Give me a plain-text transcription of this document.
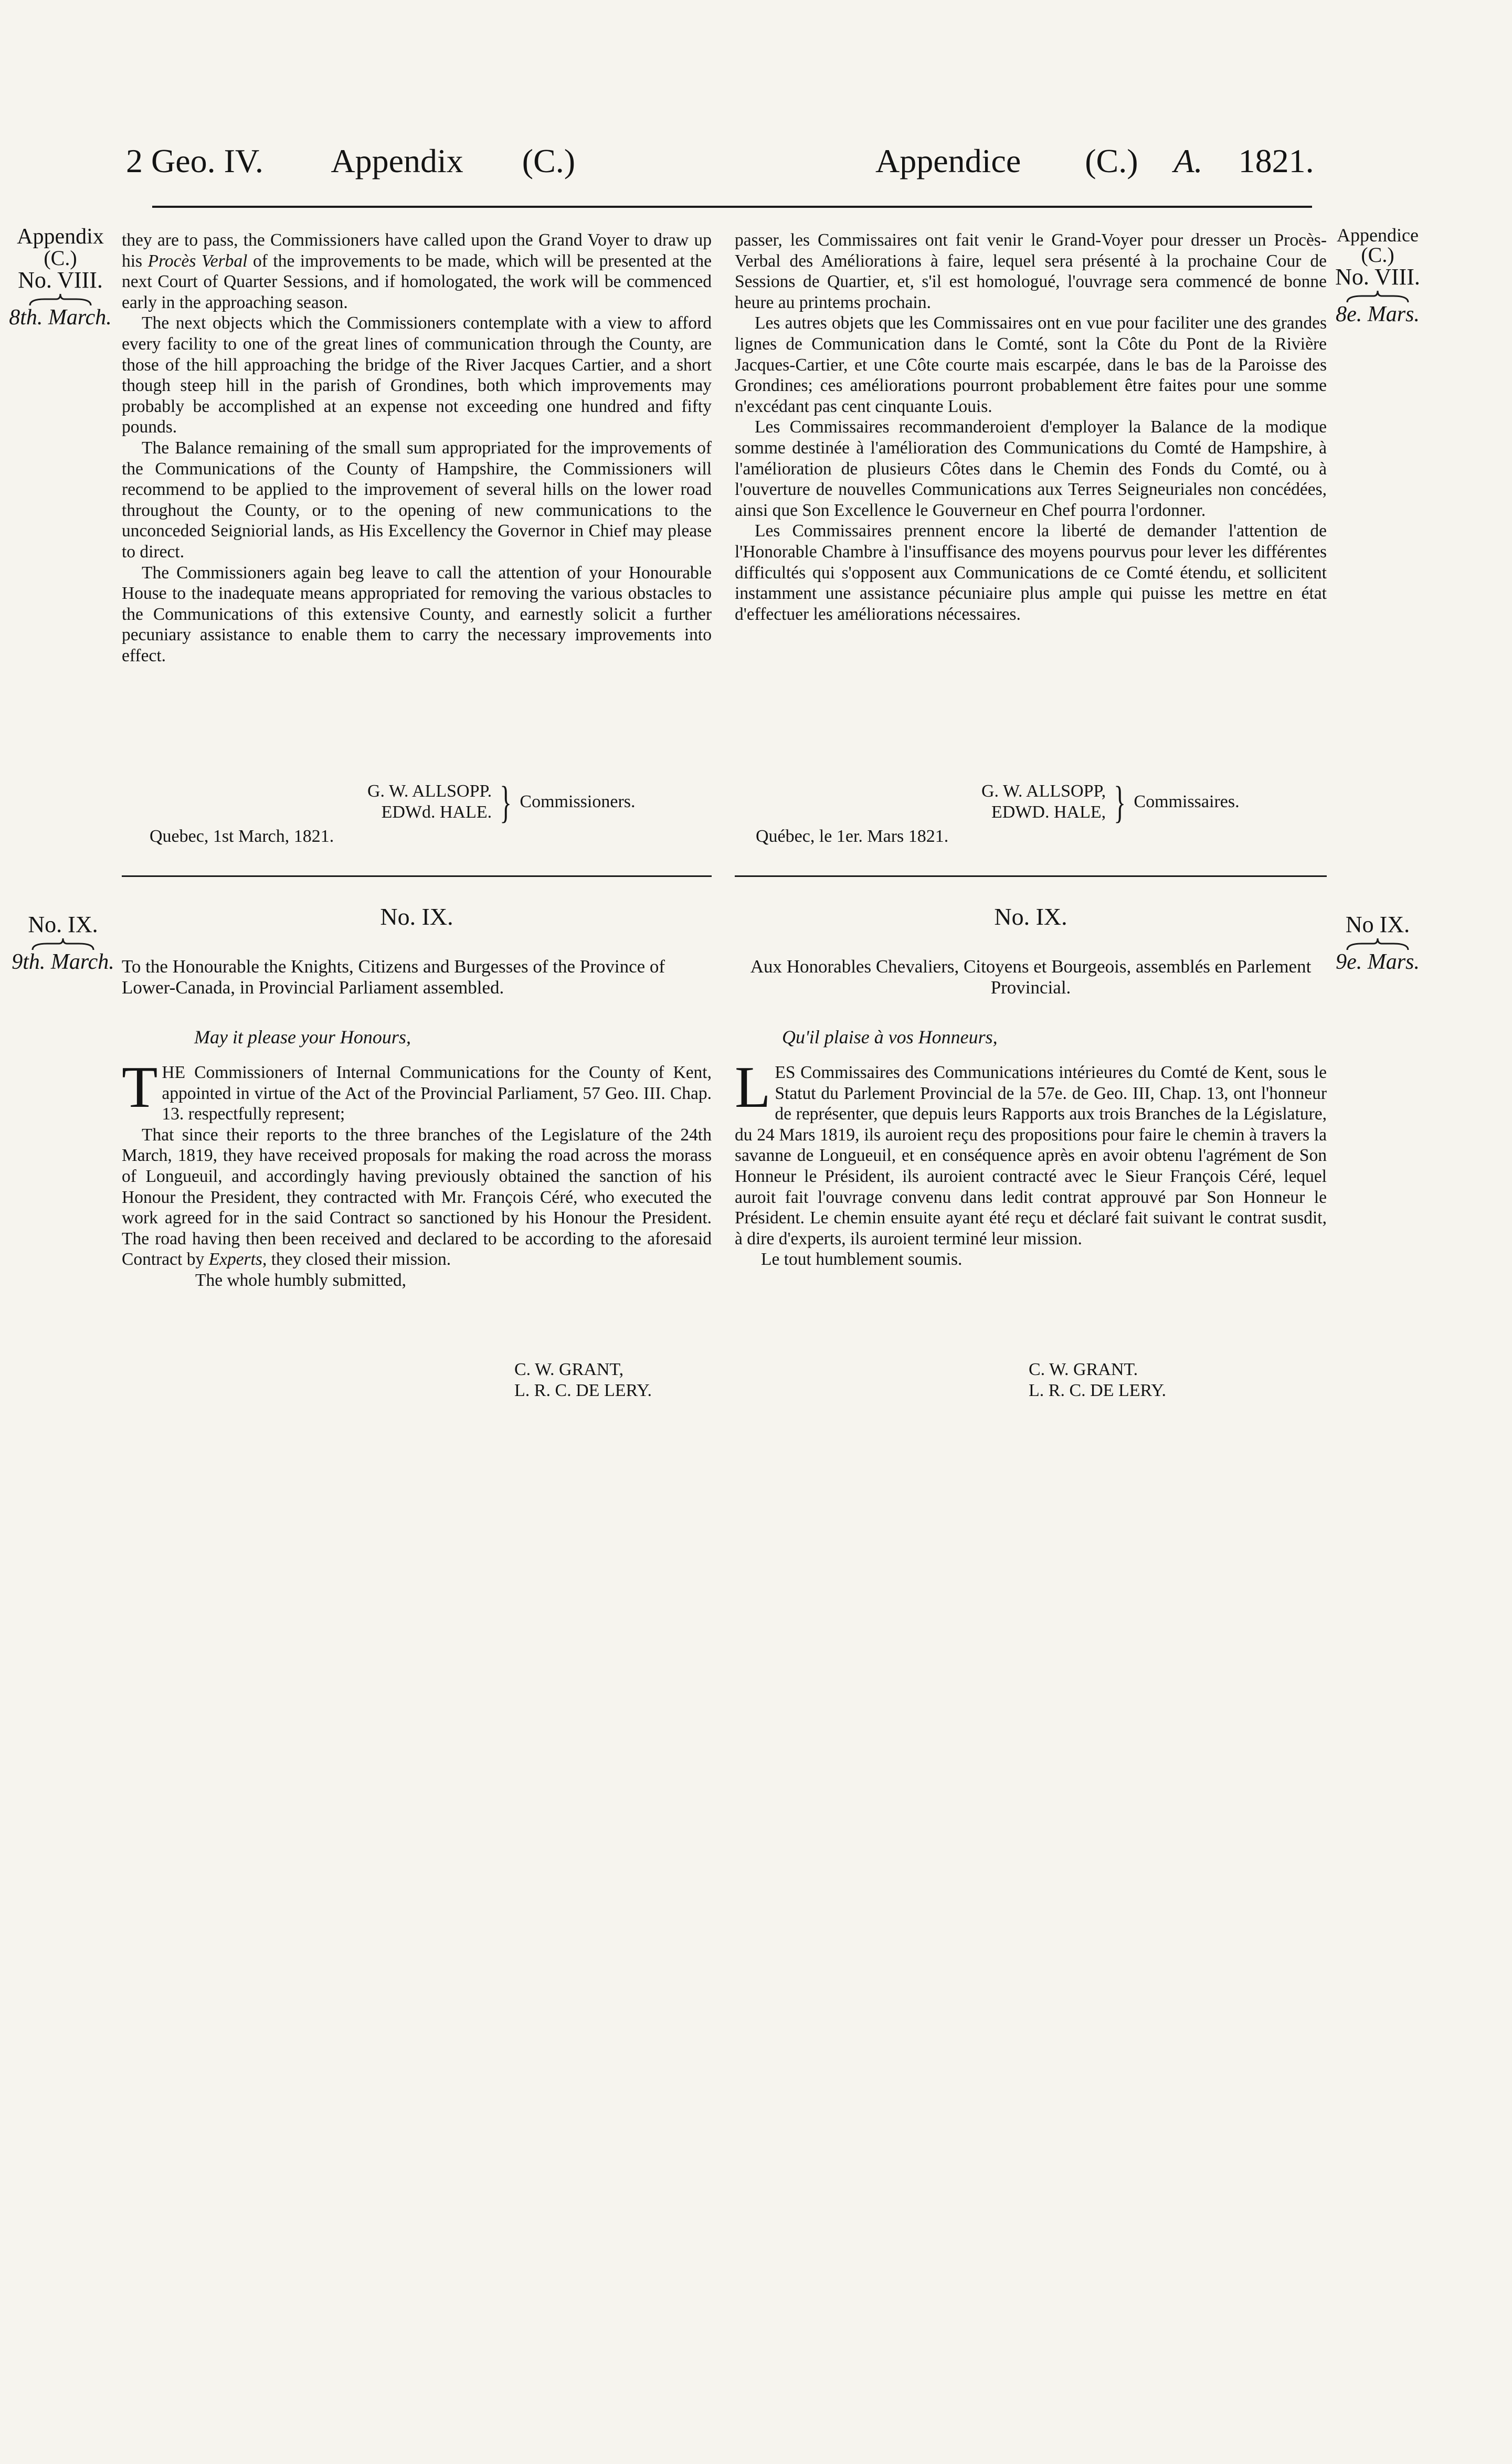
2 Geo. IV. Appendix (C.)	Appendice (C.) A. 1821.
Appendix
(C.)
No. VIII.
8th. March.
Appendice
(C.)
No. VIII.
8e. Mars.

they are to pass, the Commissioners have called upon the Grand Voyer to draw up his Procès Verbal of the improvements to be made, which will be presented at the next Court of Quarter Sessions, and if homologated, the work will be commenced early in the approaching season.

The next objects which the Commissioners contemplate with a view to afford every facility to one of the great lines of communication through the County, are those of the hill approaching the bridge of the River Jacques Cartier, and a short though steep hill in the parish of Grondines, both which improvements may probably be accomplished at an expense not exceeding one hundred and fifty pounds.

The Balance remaining of the small sum appropriated for the improvements of the Communications of the County of Hampshire, the Commissioners will recommend to be applied to the improvement of several hills on the lower road throughout the County, or to the opening of new communications to the unconceded Seigniorial lands, as His Excellency the Governor in Chief may please to direct.

The Commissioners again beg leave to call the attention of your Honourable House to the inadequate means appropriated for removing the various obstacles to the Communications of this extensive County, and earnestly solicit a further pecuniary assistance to enable them to carry the necessary improvements into effect.

G. W. ALLSOPP.
EDWd. HALE. } Commissioners.
Quebec, 1st March, 1821.

passer, les Commissaires ont fait venir le Grand-Voyer pour dresser un Procès-Verbal des Améliorations à faire, lequel sera présenté à la prochaine Cour de Sessions de Quartier, et, s'il est homologué, l'ouvrage sera commencé de bonne heure au printems prochain.

Les autres objets que les Commissaires ont en vue pour faciliter une des grandes lignes de Communication dans le Comté, sont la Côte du Pont de la Rivière Jacques-Cartier, et une Côte courte mais escarpée, dans le bas de la Paroisse des Grondines; ces améliorations pourront probablement être faites pour une somme n'excédant pas cent cinquante Louis.

Les Commissaires recommanderoient d'employer la Balance de la modique somme destinée à l'amélioration des Communications du Comté de Hampshire, à l'amélioration de plusieurs Côtes dans le Chemin des Fonds du Comté, ou à l'ouverture de nouvelles Communications aux Terres Seigneuriales non concédées, ainsi que Son Excellence le Gouverneur en Chef pourra l'ordonner.

Les Commissaires prennent encore la liberté de demander l'attention de l'Honorable Chambre à l'insuffisance des moyens pourvus pour lever les différentes difficultés qui s'opposent aux Communications de ce Comté étendu, et sollicitent instamment une assistance pécuniaire plus ample qui puisse les mettre en état d'effectuer les améliorations nécessaires.

G. W. ALLSOPP,
EDWD. HALE, } Commissaires.
Québec, le 1er. Mars 1821.
No. IX.
9th. March.
No IX.
9e. Mars.
No. IX.
To the Honourable the Knights, Citizens and Burgesses of the Province of Lower-Canada, in Provincial Parliament assembled.
May it please your Honours,
T HE Commissioners of Internal Communications for the County of Kent, appointed in virtue of the Act of the Provincial Parliament, 57 Geo. III. Chap. 13. respectfully represent;

That since their reports to the three branches of the Legislature of the 24th March, 1819, they have received proposals for making the road across the morass of Longueuil, and accordingly having previously obtained the sanction of his Honour the President, they contracted with Mr. François Céré, who executed the work agreed for in the said Contract so sanctioned by his Honour the President. The road having then been received and declared to be according to the aforesaid Contract by Experts, they closed their mission.

The whole humbly submitted,

C. W. GRANT,
L. R. C. DE LERY.
No. IX.
Aux Honorables Chevaliers, Citoyens et Bourgeois, assemblés en Parlement Provincial.
Qu'il plaise à vos Honneurs,
L ES Commissaires des Communications intérieures du Comté de Kent, sous le Statut du Parlement Provincial de la 57e. de Geo. III, Chap. 13, ont l'honneur de représenter, que depuis leurs Rapports aux trois Branches de la Législature, du 24 Mars 1819, ils auroient reçu des propositions pour faire le chemin à travers la savanne de Longueuil, et en conséquence après en avoir obtenu l'agrément de Son Honneur le Président, ils auroient contracté avec le Sieur François Céré, lequel auroit fait l'ouvrage convenu dans ledit contrat approuvé par Son Honneur le Président. Le chemin ensuite ayant été reçu et déclaré fait suivant le contrat susdit, à dire d'experts, ils auroient terminé leur mission.

Le tout humblement soumis.

C. W. GRANT.
L. R. C. DE LERY.
